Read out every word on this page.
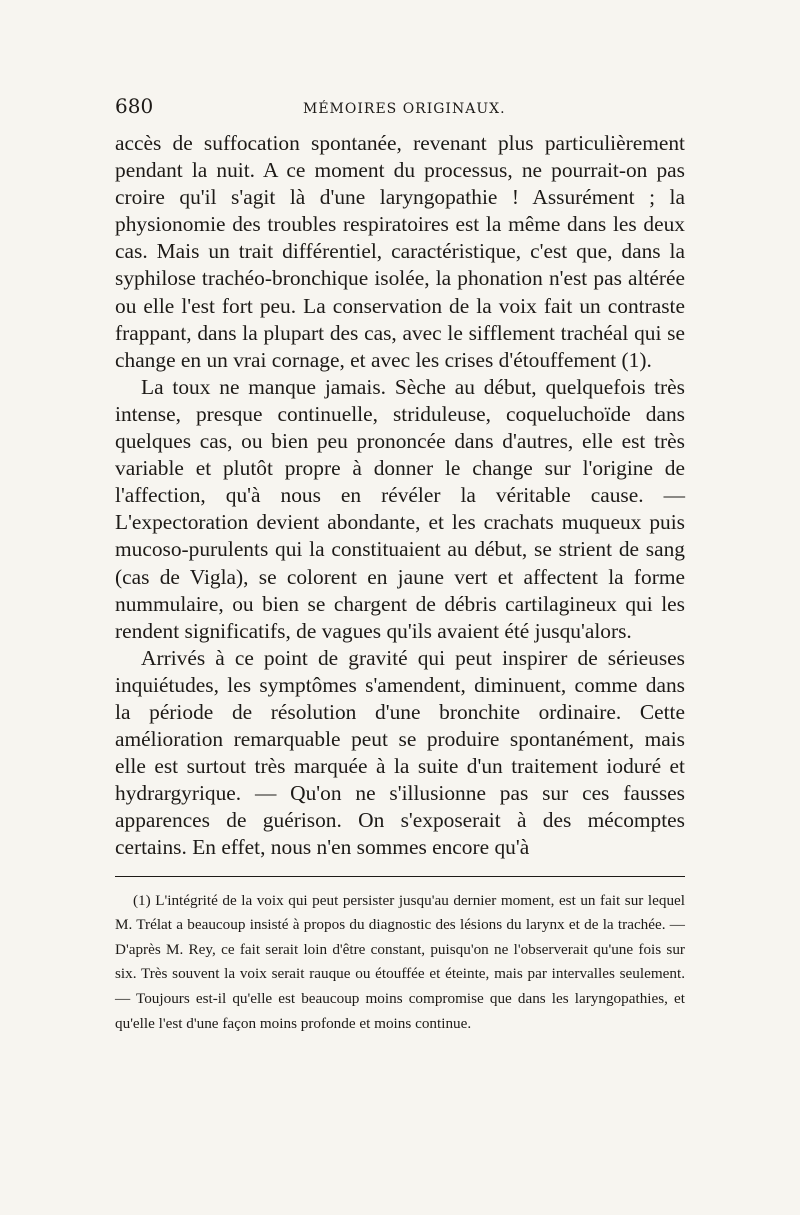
680	MÉMOIRES ORIGINAUX.

accès de suffocation spontanée, revenant plus particulièrement pendant la nuit. A ce moment du processus, ne pourrait-on pas croire qu'il s'agit là d'une laryngopathie ! Assurément ; la physionomie des troubles respiratoires est la même dans les deux cas. Mais un trait différentiel, caractéristique, c'est que, dans la syphilose trachéo-bronchique isolée, la phonation n'est pas altérée ou elle l'est fort peu. La conservation de la voix fait un contraste frappant, dans la plupart des cas, avec le sifflement trachéal qui se change en un vrai cornage, et avec les crises d'étouffement (1).

La toux ne manque jamais. Sèche au début, quelquefois très intense, presque continuelle, striduleuse, coqueluchoïde dans quelques cas, ou bien peu prononcée dans d'autres, elle est très variable et plutôt propre à donner le change sur l'origine de l'affection, qu'à nous en révéler la véritable cause. — L'expectoration devient abondante, et les crachats muqueux puis mucoso-purulents qui la constituaient au début, se strient de sang (cas de Vigla), se colorent en jaune vert et affectent la forme nummulaire, ou bien se chargent de débris cartilagineux qui les rendent significatifs, de vagues qu'ils avaient été jusqu'alors.

Arrivés à ce point de gravité qui peut inspirer de sérieuses inquiétudes, les symptômes s'amendent, diminuent, comme dans la période de résolution d'une bronchite ordinaire. Cette amélioration remarquable peut se produire spontanément, mais elle est surtout très marquée à la suite d'un traitement ioduré et hydrargyrique. — Qu'on ne s'illusionne pas sur ces fausses apparences de guérison. On s'exposerait à des mécomptes certains. En effet, nous n'en sommes encore qu'à

(1) L'intégrité de la voix qui peut persister jusqu'au dernier moment, est un fait sur lequel M. Trélat a beaucoup insisté à propos du diagnostic des lésions du larynx et de la trachée. — D'après M. Rey, ce fait serait loin d'être constant, puisqu'on ne l'observerait qu'une fois sur six. Très souvent la voix serait rauque ou étouffée et éteinte, mais par intervalles seulement. — Toujours est-il qu'elle est beaucoup moins compromise que dans les laryngopathies, et qu'elle l'est d'une façon moins profonde et moins continue.
